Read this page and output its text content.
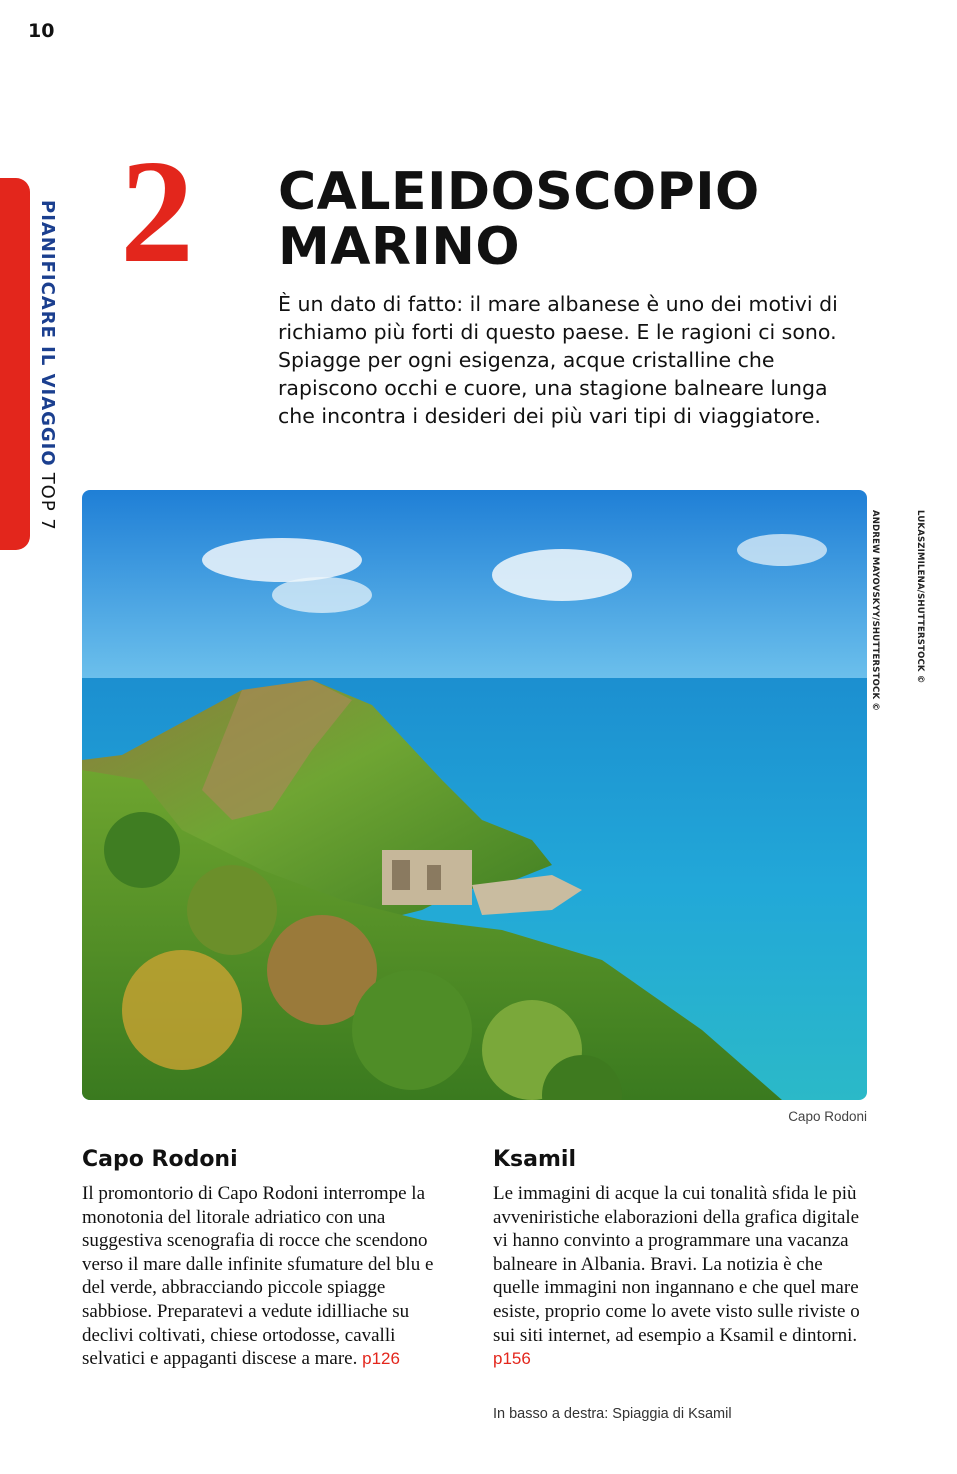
10
PIANIFICARE IL VIAGGIOTOP 7
2 CALEIDOSCOPIO
MARINO

È un dato di fatto: il mare albanese è uno dei motivi di richiamo più forti di questo paese. E le ragioni ci sono. Spiagge per ogni esigenza, acque cristalline che rapiscono occhi e cuore, una stagione balneare lunga che incontra i desideri dei più vari tipi di viaggiatore.

ANDREW MAYOVSKYY/SHUTTERSTOCK ©	LUKASZIMILENA/SHUTTERSTOCK ©
Capo Rodoni
Capo Rodoni

Il promontorio di Capo Rodoni interrompe la monotonia del litorale adriatico con una suggestiva scenografia di rocce che scendono verso il mare dalle infinite sfumature del blu e del verde, abbracciando piccole spiagge sabbiose. Preparatevi a vedute idilliache su declivi coltivati, chiese ortodosse, cavalli selvatici e appaganti discese a mare. p126

Ksamil

Le immagini di acque la cui tonalità sfida le più avveniristiche elaborazioni della grafica digitale vi hanno convinto a programmare una vacanza balneare in Albania. Bravi. La notizia è che quelle immagini non ingannano e che quel mare esiste, proprio come lo avete visto sulle riviste o sui siti internet, ad esempio a Ksamil e dintorni. p156

In basso a destra: Spiaggia di Ksamil
